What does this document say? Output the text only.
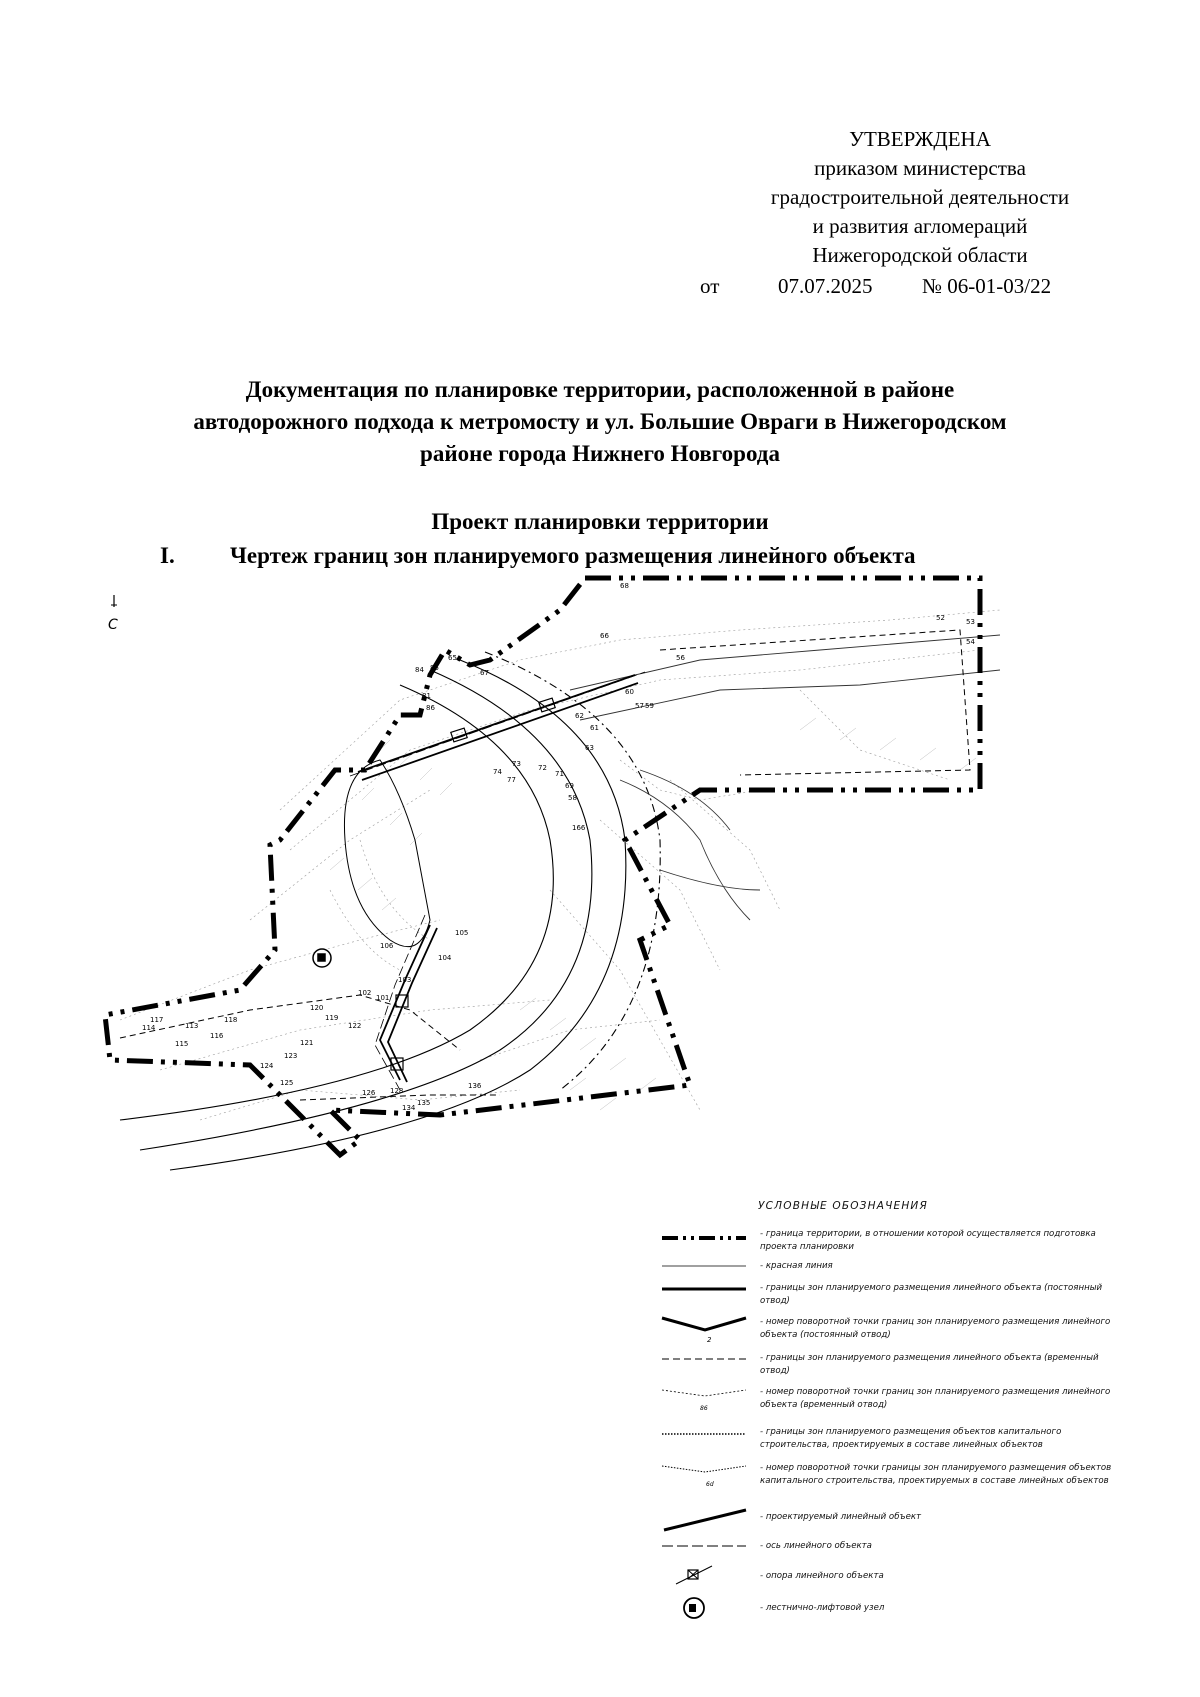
УТВЕРЖДЕНА
приказом министерства
градостроительной деятельности
и развития агломераций
Нижегородской области
от	07.07.2025 № 06-01-03/22
Документация по планировке территории, расположенной в районе
автодорожного подхода к метромосту и ул. Большие Овраги в Нижегородском
районе города Нижнего Новгорода
Проект планировки территории
I. Чертеж границ зон планируемого размещения линейного объекта
С	52	53
54
56
57
58
59
60
61
62
63
65
66
67
68
69
71
72
73
74
77
81
84 85
86
101
102
103
104
105
106
113
114
115
116
117	118	119
120
121
122
123
124
125
126 128
134
135
136
166
УСЛОВНЫЕ ОБОЗНАЧЕНИЯ
- граница территории, в отношении которой осуществляется подготовка проекта планировки
- красная линия
- границы зон планируемого размещения линейного объекта (постоянный отвод)
2
- номер поворотной точки границ зон планируемого размещения линейного объекта (постоянный отвод)
- границы зон планируемого размещения линейного объекта (временный отвод)
86
- номер поворотной точки границ зон планируемого размещения линейного объекта (временный отвод)
- границы зон планируемого размещения объектов капитального строительства, проектируемых в составе линейных объектов
6d
- номер поворотной точки границы зон планируемого размещения объектов капитального строительства, проектируемых в составе линейных объектов
- проектируемый линейный объект
- ось линейного объекта
- опора линейного объекта
- лестнично-лифтовой узел
